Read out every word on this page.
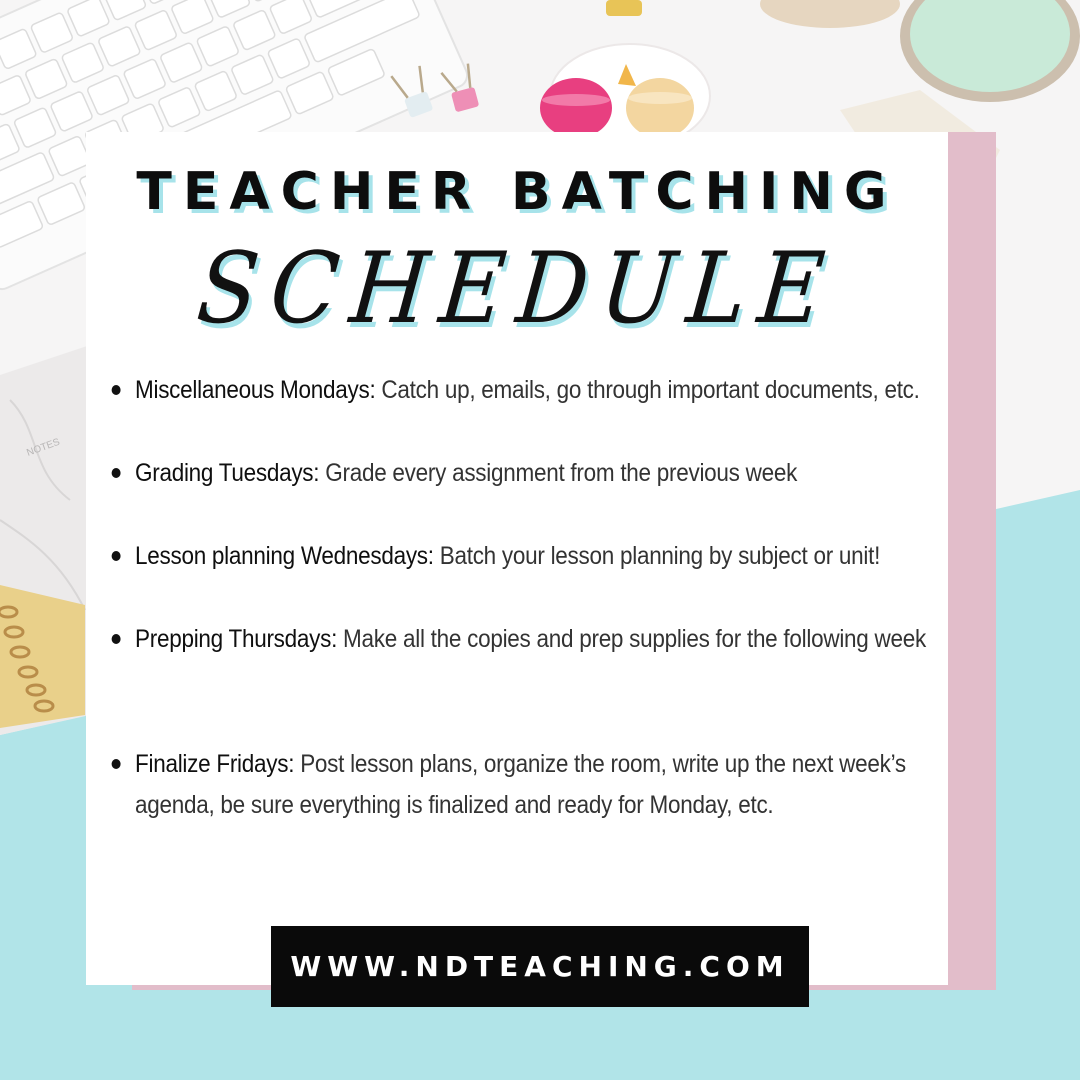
NOTES
TEACHER BATCHING
SCHEDULE
Miscellaneous Mondays: Catch up, emails, go through important documents, etc.
Grading Tuesdays: Grade every assignment from the previous week
Lesson planning Wednesdays: Batch your lesson planning by subject or unit!
Prepping Thursdays: Make all the copies and prep supplies for the following week
Finalize Fridays: Post lesson plans, organize the room, write up the next week’s agenda, be sure everything is finalized and ready for Monday, etc.
WWW.NDTEACHING.COM
